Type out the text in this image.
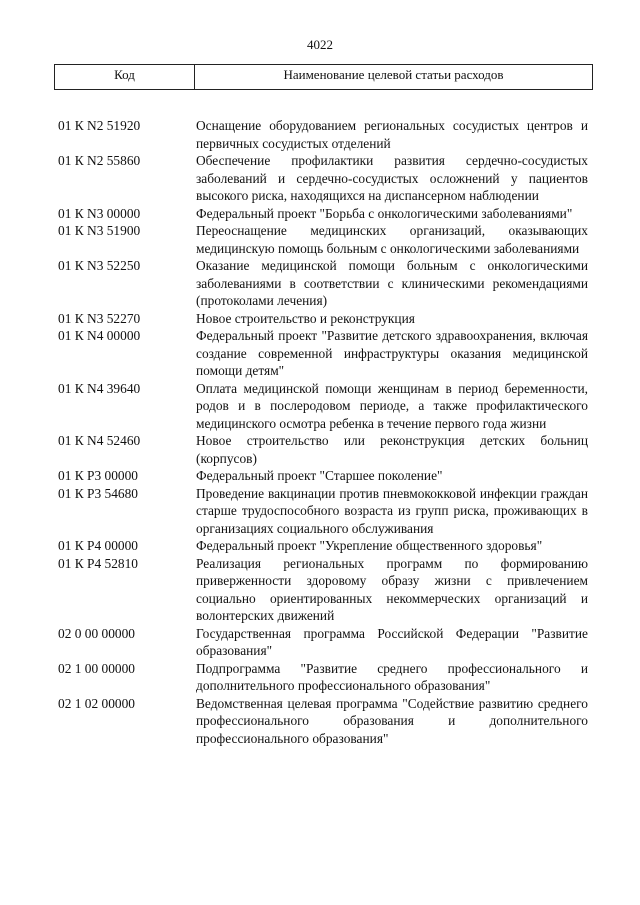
4022
Код	Наименование целевой статьи расходов
01 К N2 51920	Оснащение оборудованием региональных сосудистых центров и первичных сосудистых отделений
01 К N2 55860	Обеспечение профилактики развития сердечно-сосудистых заболеваний и сердечно-сосудистых осложнений у пациентов высокого риска, находящихся на диспансерном наблюдении
01 К N3 00000	Федеральный проект "Борьба с онкологическими заболеваниями"
01 К N3 51900	Переоснащение медицинских организаций, оказывающих медицинскую помощь больным с онкологическими заболеваниями
01 К N3 52250	Оказание медицинской помощи больным с онкологическими заболеваниями в соответствии с клиническими рекомендациями (протоколами лечения)
01 К N3 52270	Новое строительство и реконструкция
01 К N4 00000	Федеральный проект "Развитие детского здравоохранения, включая создание современной инфраструктуры оказания медицинской помощи детям"
01 К N4 39640	Оплата медицинской помощи женщинам в период беременности, родов и в послеродовом периоде, а также профилактического медицинского осмотра ребенка в течение первого года жизни
01 К N4 52460	Новое строительство или реконструкция детских больниц (корпусов)
01 К Р3 00000	Федеральный проект "Старшее поколение"
01 К Р3 54680	Проведение вакцинации против пневмококковой инфекции граждан старше трудоспособного возраста из групп риска, проживающих в организациях социального обслуживания
01 К Р4 00000	Федеральный проект "Укрепление общественного здоровья"
01 К Р4 52810	Реализация региональных программ по формированию приверженности здоровому образу жизни с привлечением социально ориентированных некоммерческих организаций и волонтерских движений
02 0 00 00000	Государственная программа Российской Федерации "Развитие образования"
02 1 00 00000	Подпрограмма "Развитие среднего профессионального и дополнительного профессионального образования"
02 1 02 00000	Ведомственная целевая программа "Содействие развитию среднего профессионального образования и дополнительного профессионального образования"
